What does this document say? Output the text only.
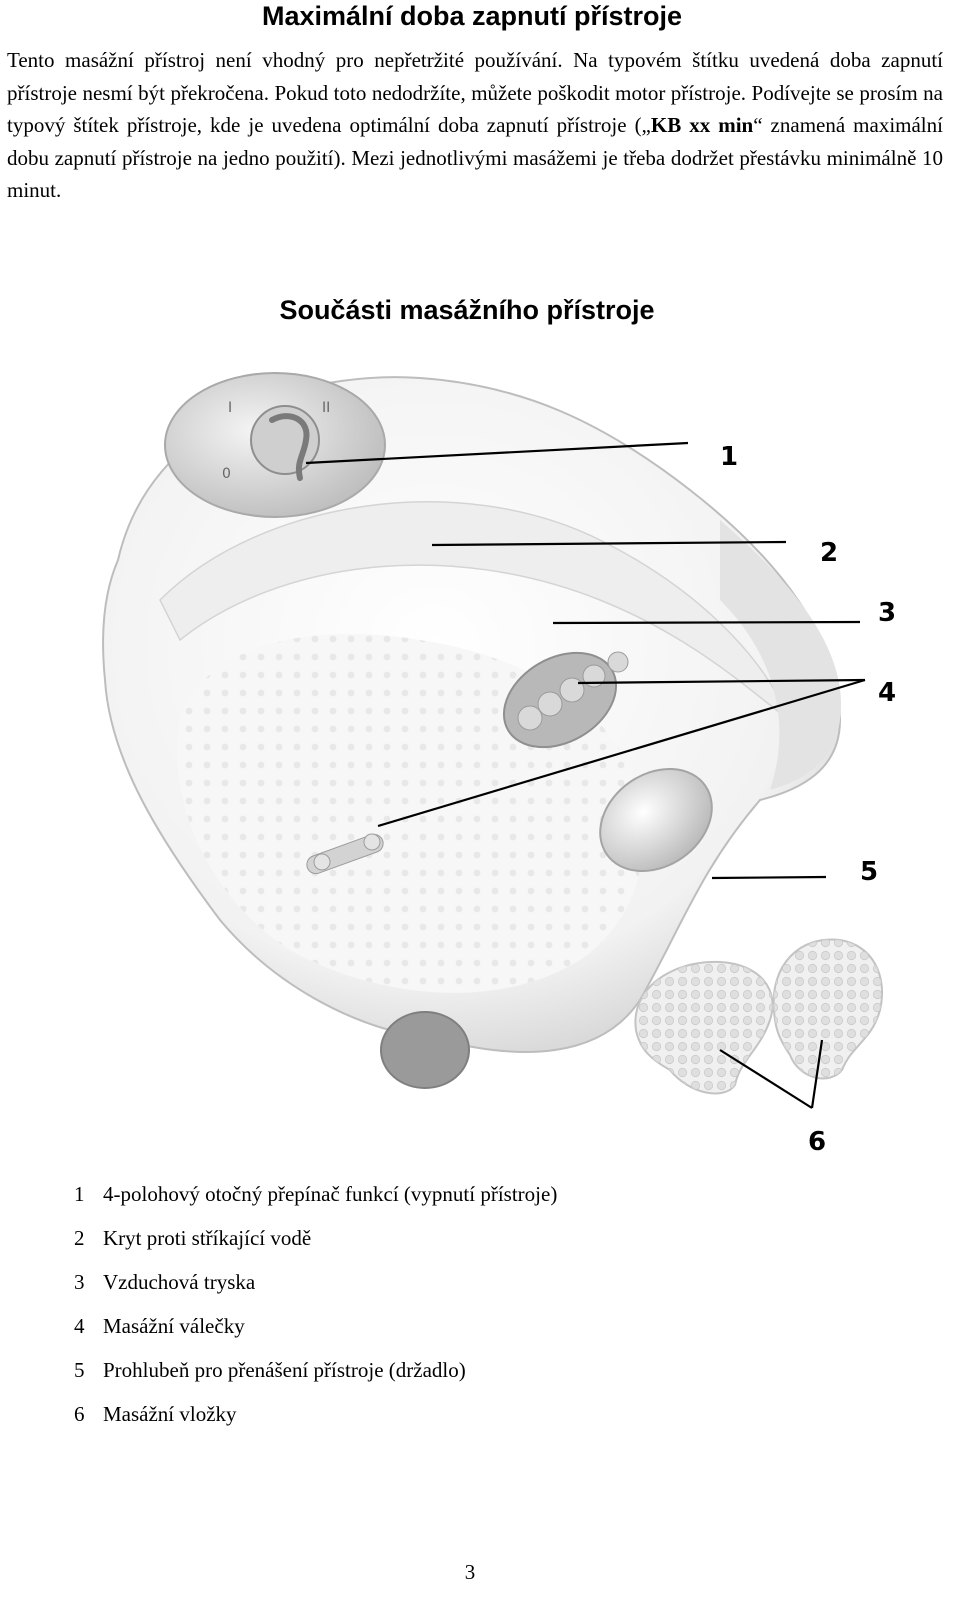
Maximální doba zapnutí přístroje

Tento masážní přístroj není vhodný pro nepřetržité používání. Na typovém štítku uvedená doba zapnutí přístroje nesmí být překročena. Pokud toto nedodržíte, můžete poškodit motor přístroje. Podívejte se prosím na typový štítek přístroje, kde je uvedena optimální doba zapnutí přístroje („KB xx min“ znamená maximální dobu zapnutí přístroje na jedno použití). Mezi jednotlivými masážemi je třeba dodržet přestávku minimálně 10 minut.

Součásti masážního přístroje
I	II
0
1
2
3
4
5
6
1 4-polohový otočný přepínač funkcí (vypnutí přístroje)
2 Kryt proti stříkající vodě
3 Vzduchová tryska
4 Masážní válečky
5 Prohlubeň pro přenášení přístroje (držadlo)
6 Masážní vložky
3
